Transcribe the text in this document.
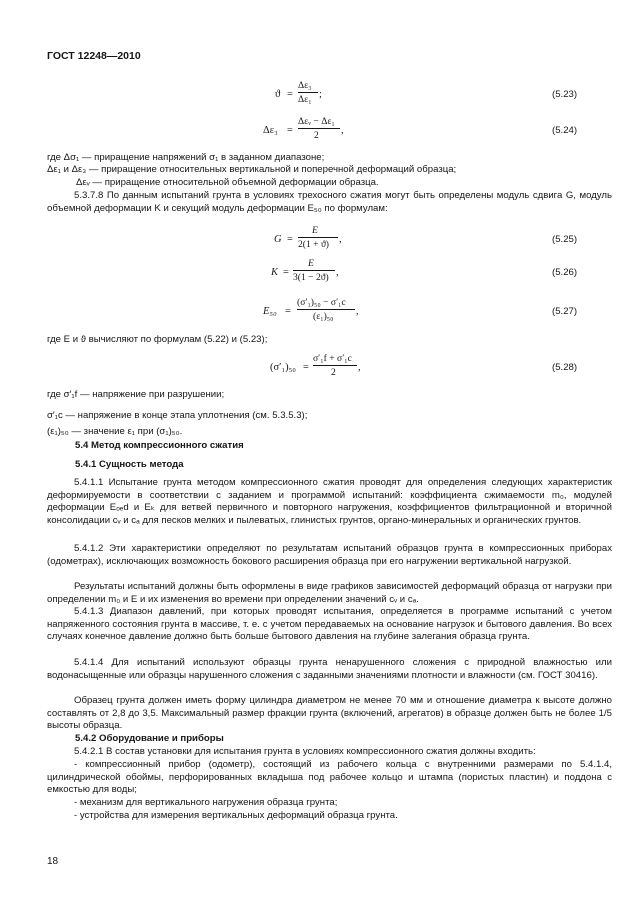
ГОСТ 12248—2010
ϑ =
Δε₃
Δε₁ ;	(5.23)
Δε₃ =
Δεᵥ − Δε₁
2 ,	(5.24)
где Δσ₁ — приращение напряжений σ₁ в заданном диапазоне;
Δε₁ и Δε₃ — приращение относительных вертикальной и поперечной деформаций образца;
Δεᵥ — приращение относительной объемной деформации образца.
5.3.7.8 По данным испытаний грунта в условиях трехосного сжатия могут быть определены модуль сдвига G, модуль объемной деформации K и секущий модуль деформации E₅₀ по формулам:
G =
E
2(1 + ϑ) ,	(5.25)
K =
E
3(1 − 2ϑ) ,	(5.26)
E₅₀ =
(σ′₁)₅₀ − σ′₁c
(ε₁)₅₀ ,	(5.27)
где E и ϑ вычисляют по формулам (5.22) и (5.23);
(σ′₁)₅₀ =
σ′₁f + σ′₁c
2 ,	(5.28)
где σ′₁f — напряжение при разрушении;
σ′₁c — напряжение в конце этапа уплотнения (см. 5.3.5.3);
(ε₁)₅₀ — значение ε₁ при (σ₁)₅₀.
5.4 Метод компрессионного сжатия
5.4.1 Сущность метода
5.4.1.1 Испытание грунта методом компрессионного сжатия проводят для определения следующих характеристик деформируемости в соответствии с заданием и программой испытаний: коэффициента сжимаемости m₀, модулей деформации Eₒₑd и Eₖ для ветвей первичного и повторного нагружения, коэффициентов фильтрационной и вторичной консолидации cᵥ и cₐ для песков мелких и пылеватых, глинистых грунтов, органо-минеральных и органических грунтов.
5.4.1.2 Эти характеристики определяют по результатам испытаний образцов грунта в компрессионных приборах (одометрах), исключающих возможность бокового расширения образца при его нагружении вертикальной нагрузкой.
Результаты испытаний должны быть оформлены в виде графиков зависимостей деформаций образца от нагрузки при определении m₀ и E и их изменения во времени при определении значений cᵥ и cₐ.
5.4.1.3 Диапазон давлений, при которых проводят испытания, определяется в программе испытаний с учетом напряженного состояния грунта в массиве, т. е. с учетом передаваемых на основание нагрузок и бытового давления. Во всех случаях конечное давление должно быть больше бытового давления на глубине залегания образца грунта.
5.4.1.4 Для испытаний используют образцы грунта ненарушенного сложения с природной влажностью или водонасыщенные или образцы нарушенного сложения с заданными значениями плотности и влажности (см. ГОСТ 30416).
Образец грунта должен иметь форму цилиндра диаметром не менее 70 мм и отношение диаметра к высоте должно составлять от 2,8 до 3,5. Максимальный размер фракции грунта (включений, агрегатов) в образце должен быть не более 1/5 высоты образца.
5.4.2 Оборудование и приборы
5.4.2.1 В состав установки для испытания грунта в условиях компрессионного сжатия должны входить:
- компрессионный прибор (одометр), состоящий из рабочего кольца с внутренними размерами по 5.4.1.4, цилиндрической обоймы, перфорированных вкладыша под рабочее кольцо и штампа (пористых пластин) и поддона с емкостью для воды;
- механизм для вертикального нагружения образца грунта;
- устройства для измерения вертикальных деформаций образца грунта.
18
